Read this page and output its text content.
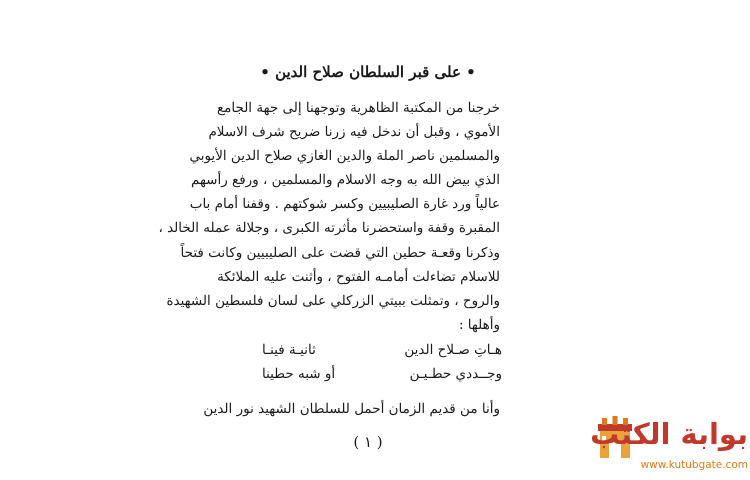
• على قبر السلطان صلاح الدين •
خرجنا من المكتبة الظاهرية وتوجهنا إلى جهة الجامع
الأموي ، وقبل أن ندخل فيه زرنا ضريح شرف الاسلام
والمسلمين ناصر الملة والدين الغازي صلاح الدين الأيوبي
الذي بيض الله به وجه الاسلام والمسلمين ، ورفع رأسهم
عالياً ورد غارة الصليبيين وكسر شوكتهم . وقفنا أمام باب
المقبرة وقفة واستحضرنا مأثرته الكبرى ، وجلالة عمله الخالد ،
وذكرنا وقعـة حطين التي قضت على الصليبيين وكانت فتحاً
للاسلام تضاءلت أمامـه الفتوح ، وأثنت عليه الملائكة
والروح ، وتمثلت ببيتي الزركلي على لسان فلسطين الشهيدة
وأهلها :
هـاتِ صـلاح الدين
ثانيـة فينـا
وجــددي حطـيـن
أو شبه حطينا
وأنا من قديم الزمان أحمل للسلطان الشهيد نور الدين
( ١ )	بوابة الكتب
www.kutubgate.com
